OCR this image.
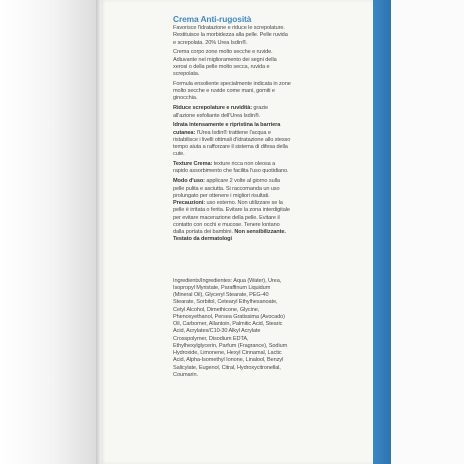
Crema Anti-rugosità
Favorisce l'idratazione e riduce le screpolature. Restituisce la morbidezza alla pelle. Pelle ruvida e screpolata. 20% Urea Isdin®.
Crema corpo zone molto secche e ruvide. Adiuvante nel miglioramento dei segni della xerosi o della pelle molto secca, ruvida e screpolata.
Formula ensoliente specialmente indicata in zone molto secche e ruvide come mani, gomiti e ginocchia.
Riduce screpolature e ruvidità: grazie all'azione esfoliante dell'Urea Isdin®.
Idrata intensamente e ripristina la barriera cutanea: l'Urea Isdin® trattiene l'acqua e ristabilisce i livelli ottimali d'idratazione allo stesso tempo aiuta a rafforzare il sistema di difesa della cute.
Texture Crema: texture ricca non oleosa a rapido assorbimento che facilita l'uso quotidiano.
Modo d'uso: applicare 2 volte al giorno sulla pelle pulita e asciutta. Si raccomanda un uso prolungato per ottenere i migliori risultati. Precauzioni: uso esterno. Non utilizzare se la pelle è irritata o ferita. Evitare la zona interdigitale per evitare macerazione della pelle. Evitare il contatto con occhi e mucose. Tenere lontano dalla portata dei bambini. Non sensibilizzante. Testato da dermatologi
Ingredients/Ingredientes: Aqua (Water), Urea, Isopropyl Myristate, Paraffinum Liquidum (Mineral Oil), Glyceryl Stearate, PEG-40 Stearate, Sorbitol, Cetearyl Ethylhexanoate, Cetyl Alcohol, Dimethicone, Glycine, Phenoxyethanol, Persea Gratissima (Avocado) Oil, Carbomer, Allantoin, Palmitic Acid, Stearic Acid, Acrylates/C10-30 Alkyl Acrylate Crosspolymer, Disodium EDTA, Ethylhexylglycerin, Parfum (Fragrance), Sodium Hydroxide, Limonene, Hexyl Cinnamal, Lactic Acid, Alpha-Isomethyl Ionone, Linalool, Benzyl Salicylate, Eugenol, Citral, Hydroxycitronellal, Coumarin.
